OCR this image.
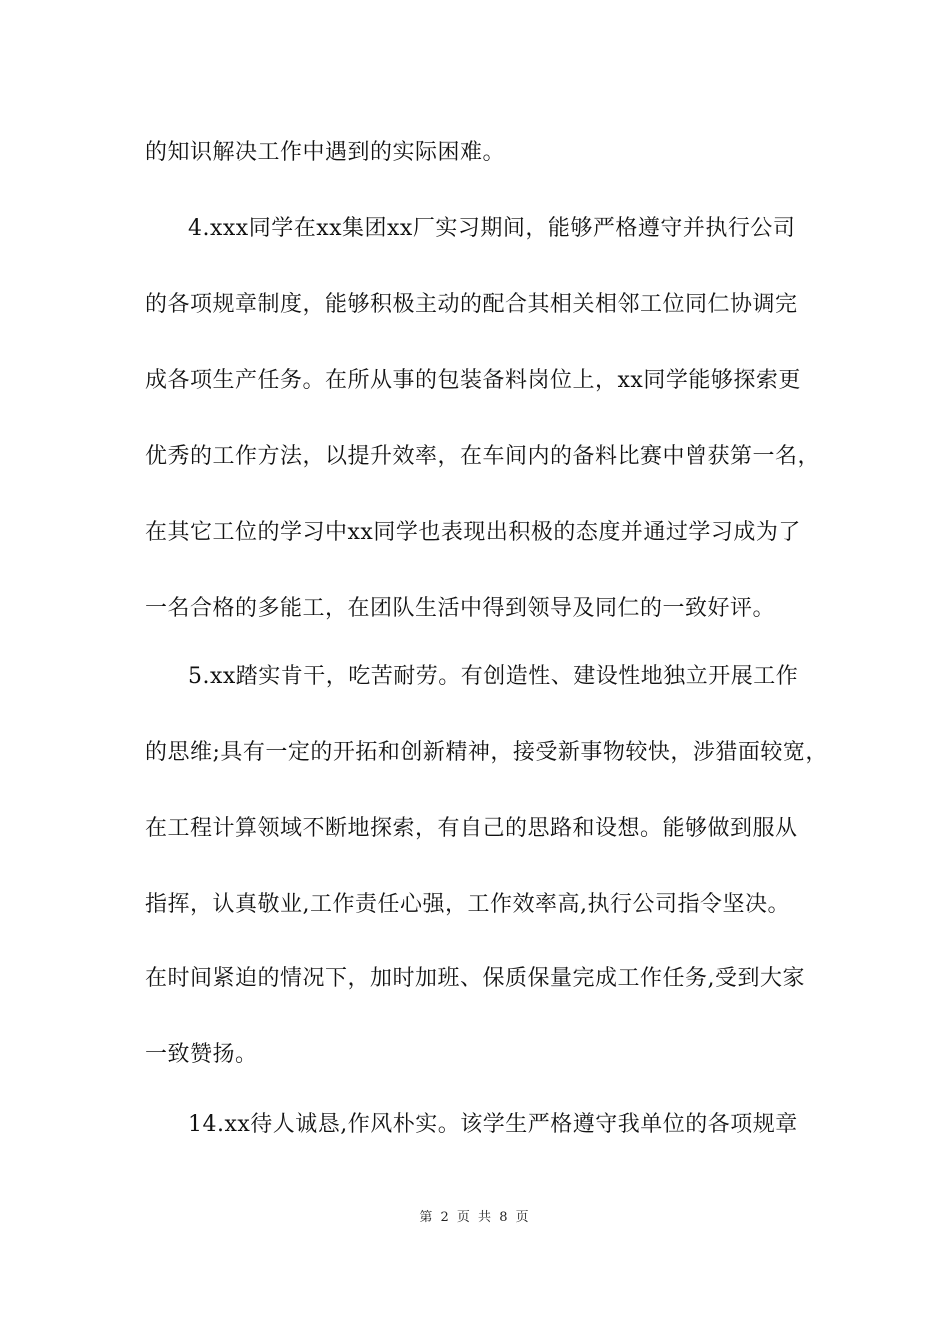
的知识解决工作中遇到的实际困难。
4.xxx同学在xx集团xx厂实习期间，能够严格遵守并执行公司
的各项规章制度，能够积极主动的配合其相关相邻工位同仁协调完
成各项生产任务。在所从事的包装备料岗位上，xx同学能够探索更
优秀的工作方法，以提升效率，在车间内的备料比赛中曾获第一名，
在其它工位的学习中xx同学也表现出积极的态度并通过学习成为了
一名合格的多能工，在团队生活中得到领导及同仁的一致好评。
5.xx踏实肯干，吃苦耐劳。有创造性、建设性地独立开展工作
的思维;具有一定的开拓和创新精神，接受新事物较快，涉猎面较宽，
在工程计算领域不断地探索，有自己的思路和设想。能够做到服从
指挥，认真敬业,工作责任心强，工作效率高,执行公司指令坚决。
在时间紧迫的情况下，加时加班、保质保量完成工作任务,受到大家
一致赞扬。
14.xx待人诚恳,作风朴实。该学生严格遵守我单位的各项规章
第 2 页 共 8 页
